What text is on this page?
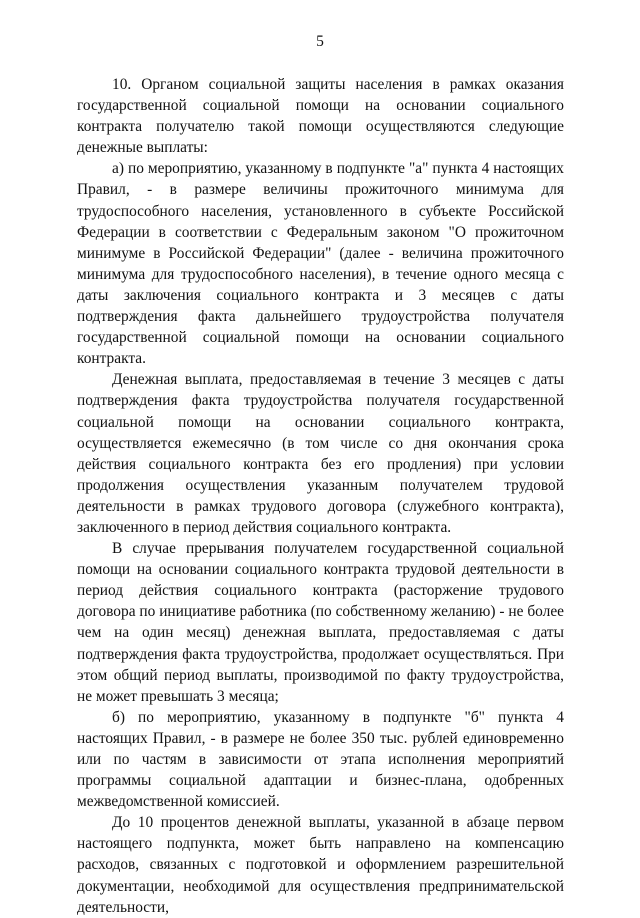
5

10. Органом социальной защиты населения в рамках оказания государственной социальной помощи на основании социального контракта получателю такой помощи осуществляются следующие денежные выплаты:

а) по мероприятию, указанному в подпункте "а" пункта 4 настоящих Правил, - в размере величины прожиточного минимума для трудоспособного населения, установленного в субъекте Российской Федерации в соответствии с Федеральным законом "О прожиточном минимуме в Российской Федерации" (далее - величина прожиточного минимума для трудоспособного населения), в течение одного месяца с даты заключения социального контракта и 3 месяцев с даты подтверждения факта дальнейшего трудоустройства получателя государственной социальной помощи на основании социального контракта.

Денежная выплата, предоставляемая в течение 3 месяцев с даты подтверждения факта трудоустройства получателя государственной социальной помощи на основании социального контракта, осуществляется ежемесячно (в том числе со дня окончания срока действия социального контракта без его продления) при условии продолжения осуществления указанным получателем трудовой деятельности в рамках трудового договора (служебного контракта), заключенного в период действия социального контракта.

В случае прерывания получателем государственной социальной помощи на основании социального контракта трудовой деятельности в период действия социального контракта (расторжение трудового договора по инициативе работника (по собственному желанию) - не более чем на один месяц) денежная выплата, предоставляемая с даты подтверждения факта трудоустройства, продолжает осуществляться. При этом общий период выплаты, производимой по факту трудоустройства, не может превышать 3 месяца;

б) по мероприятию, указанному в подпункте "б" пункта 4 настоящих Правил, - в размере не более 350 тыс. рублей единовременно или по частям в зависимости от этапа исполнения мероприятий программы социальной адаптации и бизнес-плана, одобренных межведомственной комиссией.

До 10 процентов денежной выплаты, указанной в абзаце первом настоящего подпункта, может быть направлено на компенсацию расходов, связанных с подготовкой и оформлением разрешительной документации, необходимой для осуществления предпринимательской деятельности,
